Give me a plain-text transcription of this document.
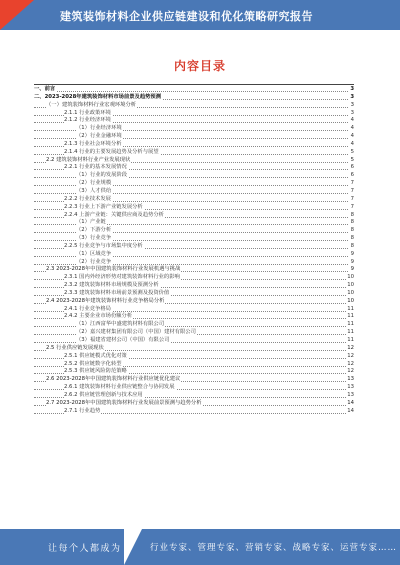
建筑装饰材料企业供应链建设和优化策略研究报告
内容目录
一、前言	3
二、2023-2028年建筑装饰材料市场前景及趋势预测	3
（一）建筑装饰材料行业宏观环境分析	3
2.1.1 行业政策环境	3
2.1.2 行业经济环境	4
（1）行业经济环境	4
（2）行业金融环境	4
2.1.3 行业社会环境分析	4
2.1.4 行业的主要发展趋势及分析与展望	5
2.2 建筑装饰材料行业产业发展现状	5
2.2.1 行业的基本发展情况	6
（1）行业的发展阶段	6
（2）行业规模	7
（3）人才供给	7
2.2.2 行业技术发展	7
2.2.3 行业上下游产业链发展分析	7
2.2.4 上游产业链：关键供应商及趋势分析	8
（1）产业链	8
（2）下游分析	8
（3）行业竞争	8
2.2.5 行业竞争与市场集中度分析	8
（1）区域竞争	9
（2）行业竞争	9
2.3 2023-2028年中国建筑装饰材料行业发展机遇与挑战	9
2.3.1 国内外经济形势对建筑装饰材料行业的影响	10
2.3.2 建筑装饰材料市场规模及预测分析	10
2.3.3 建筑装饰材料市场前景预测及投资价值	10
2.4 2023-2028年建筑装饰材料行业竞争格局分析	10
2.4.1 行业竞争格局	11
2.4.2 主要企业市场份额分析	11
（1）江西富华中盛建筑材料有限公司	11
（2）嘉兴建材集团有限公司（中国）建材有限公司	11
（3）福建省建材公司（中国）有限公司	11
2.5 行业供应链发展现状	12
2.5.1 供应链模式优化对策	12
2.5.2 供应链数字化转型	12
2.5.3 供应链风险防范策略	12
2.6 2023-2028年中国建筑装饰材料行业供应链优化建议	13
2.6.1 建筑装饰材料行业供应链整合与协同发展	13
2.6.2 供应链管理创新与技术应用	13
2.7 2023-2028年中国建筑装饰材料行业发展前景预测与趋势分析	14
2.7.1 行业趋势	14
让每个人都成为	行业专家、管理专家、营销专家、战略专家、运营专家……
